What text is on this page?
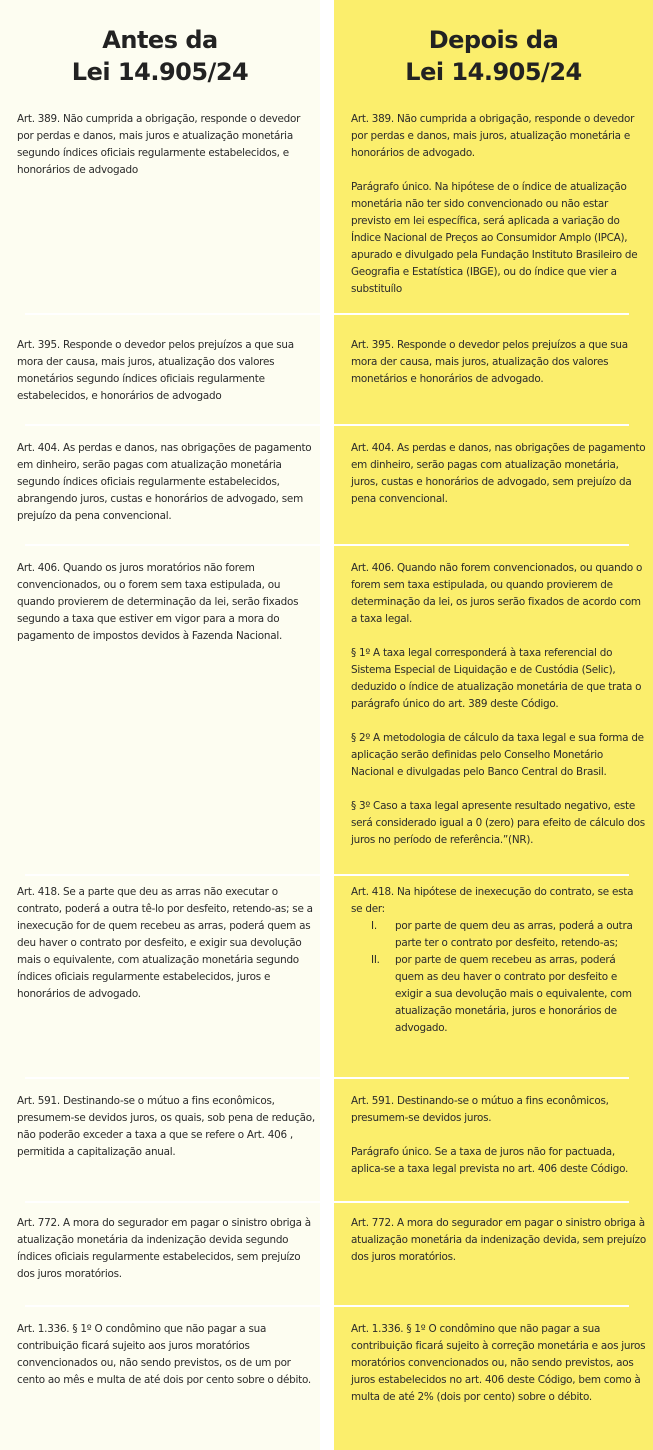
Antes da
Lei 14.905/24

Art. 389. Não cumprida a obrigação, responde o devedor por perdas e danos, mais juros e atualização monetária segundo índices oficiais regularmente estabelecidos, e honorários de advogado

Art. 395. Responde o devedor pelos prejuízos a que sua mora der causa, mais juros, atualização dos valores monetários segundo índices oficiais regularmente estabelecidos, e honorários de advogado

Art. 404. As perdas e danos, nas obrigações de pagamento em dinheiro, serão pagas com atualização monetária segundo índices oficiais regularmente estabelecidos, abrangendo juros, custas e honorários de advogado, sem prejuízo da pena convencional.

Art. 406. Quando os juros moratórios não forem convencionados, ou o forem sem taxa estipulada, ou quando provierem de determinação da lei, serão fixados segundo a taxa que estiver em vigor para a mora do pagamento de impostos devidos à Fazenda Nacional.

Art. 418. Se a parte que deu as arras não executar o contrato, poderá a outra tê-lo por desfeito, retendo-as; se a inexecução for de quem recebeu as arras, poderá quem as deu haver o contrato por desfeito, e exigir sua devolução mais o equivalente, com atualização monetária segundo índices oficiais regularmente estabelecidos, juros e honorários de advogado.

Art. 591. Destinando-se o mútuo a fins econômicos, presumem-se devidos juros, os quais, sob pena de redução, não poderão exceder a taxa a que se refere o Art. 406 , permitida a capitalização anual.

Art. 772. A mora do segurador em pagar o sinistro obriga à atualização monetária da indenização devida segundo índices oficiais regularmente estabelecidos, sem prejuízo dos juros moratórios.

Art. 1.336. § 1º O condômino que não pagar a sua contribuição ficará sujeito aos juros moratórios convencionados ou, não sendo previstos, os de um por cento ao mês e multa de até dois por cento sobre o débito.

Depois da
Lei 14.905/24

Art. 389. Não cumprida a obrigação, responde o devedor por perdas e danos, mais juros, atualização monetária e honorários de advogado.

Parágrafo único. Na hipótese de o índice de atualização monetária não ter sido convencionado ou não estar previsto em lei específica, será aplicada a variação do Índice Nacional de Preços ao Consumidor Amplo (IPCA), apurado e divulgado pela Fundação Instituto Brasileiro de Geografia e Estatística (IBGE), ou do índice que vier a substituílo

Art. 395. Responde o devedor pelos prejuízos a que sua mora der causa, mais juros, atualização dos valores monetários e honorários de advogado.

Art. 404. As perdas e danos, nas obrigações de pagamento em dinheiro, serão pagas com atualização monetária, juros, custas e honorários de advogado, sem prejuízo da pena convencional.

Art. 406. Quando não forem convencionados, ou quando o forem sem taxa estipulada, ou quando provierem de determinação da lei, os juros serão fixados de acordo com a taxa legal.

§ 1º A taxa legal corresponderá à taxa referencial do Sistema Especial de Liquidação e de Custódia (Selic), deduzido o índice de atualização monetária de que trata o parágrafo único do art. 389 deste Código.

§ 2º A metodologia de cálculo da taxa legal e sua forma de aplicação serão definidas pelo Conselho Monetário Nacional e divulgadas pelo Banco Central do Brasil.

§ 3º Caso a taxa legal apresente resultado negativo, este será considerado igual a 0 (zero) para efeito de cálculo dos juros no período de referência.”(NR).

Art. 418. Na hipótese de inexecução do contrato, se esta se der:

I.	por parte de quem deu as arras, poderá a outra parte ter o contrato por desfeito, retendo-as;
II.	por parte de quem recebeu as arras, poderá quem as deu haver o contrato por desfeito e exigir a sua devolução mais o equivalente, com atualização monetária, juros e honorários de advogado.

Art. 591. Destinando-se o mútuo a fins econômicos, presumem-se devidos juros.

Parágrafo único. Se a taxa de juros não for pactuada, aplica-se a taxa legal prevista no art. 406 deste Código.

Art. 772. A mora do segurador em pagar o sinistro obriga à atualização monetária da indenização devida, sem prejuízo dos juros moratórios.

Art. 1.336. § 1º O condômino que não pagar a sua contribuição ficará sujeito à correção monetária e aos juros moratórios convencionados ou, não sendo previstos, aos juros estabelecidos no art. 406 deste Código, bem como à multa de até 2% (dois por cento) sobre o débito.
